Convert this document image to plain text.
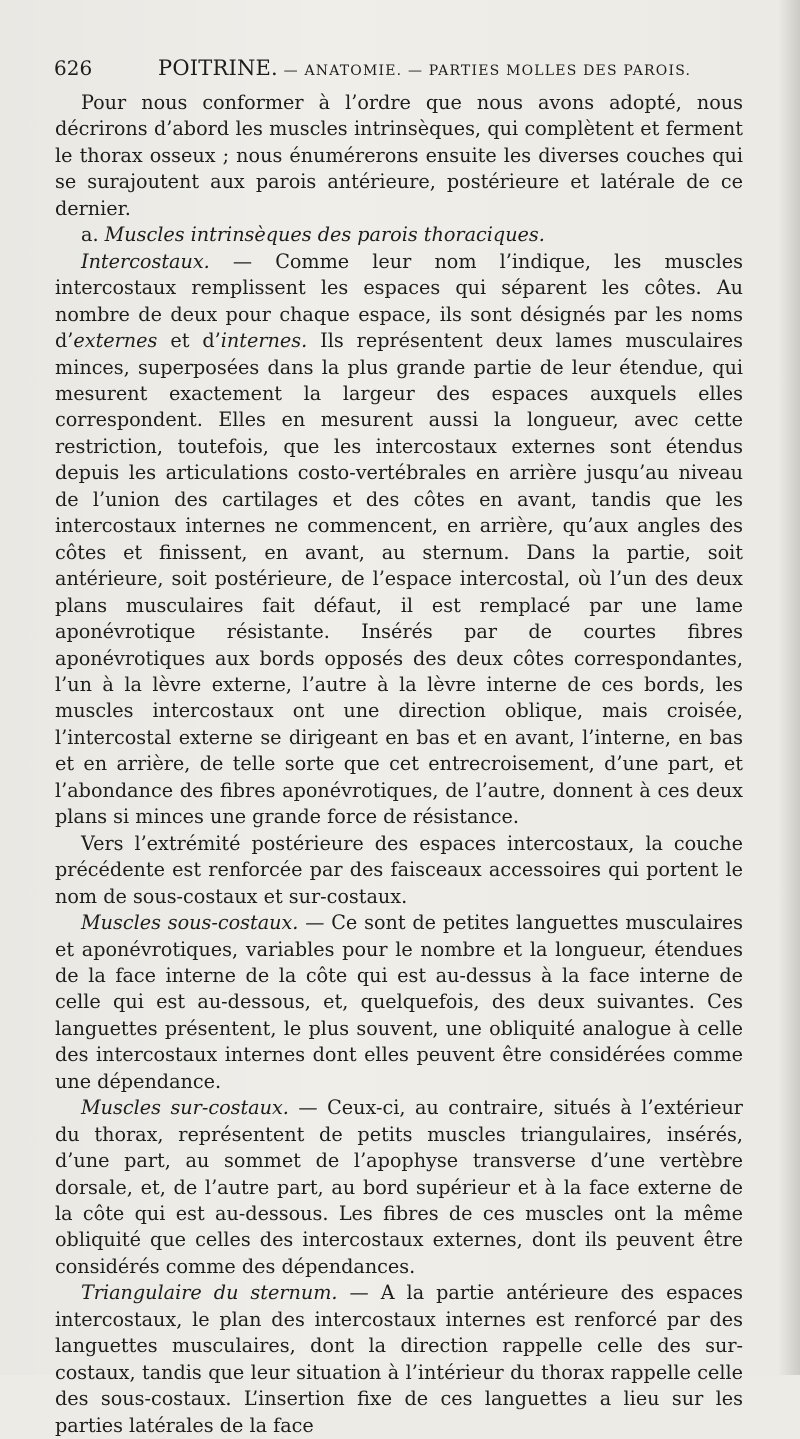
626	POITRINE. — ANATOMIE. — PARTIES MOLLES DES PAROIS.

Pour nous conformer à l’ordre que nous avons adopté, nous décrirons d’abord les muscles intrinsèques, qui complètent et ferment le thorax osseux ; nous énumérerons ensuite les diverses couches qui se surajoutent aux parois antérieure, postérieure et latérale de ce dernier.

a. Muscles intrinsèques des parois thoraciques.

Intercostaux. — Comme leur nom l’indique, les muscles intercostaux remplissent les espaces qui séparent les côtes. Au nombre de deux pour chaque espace, ils sont désignés par les noms d’externes et d’internes. Ils représentent deux lames musculaires minces, superposées dans la plus grande partie de leur étendue, qui mesurent exactement la largeur des espaces auxquels elles correspondent. Elles en mesurent aussi la longueur, avec cette restriction, toutefois, que les intercostaux externes sont étendus depuis les articulations costo-vertébrales en arrière jusqu’au niveau de l’union des cartilages et des côtes en avant, tandis que les intercostaux internes ne commencent, en arrière, qu’aux angles des côtes et finissent, en avant, au sternum. Dans la partie, soit antérieure, soit postérieure, de l’espace intercostal, où l’un des deux plans musculaires fait défaut, il est remplacé par une lame aponévrotique résistante. Insérés par de courtes fibres aponévrotiques aux bords opposés des deux côtes correspondantes, l’un à la lèvre externe, l’autre à la lèvre interne de ces bords, les muscles intercostaux ont une direction oblique, mais croisée, l’intercostal externe se dirigeant en bas et en avant, l’interne, en bas et en arrière, de telle sorte que cet entrecroisement, d’une part, et l’abondance des fibres aponévrotiques, de l’autre, donnent à ces deux plans si minces une grande force de résistance.

Vers l’extrémité postérieure des espaces intercostaux, la couche précédente est renforcée par des faisceaux accessoires qui portent le nom de sous-costaux et sur-costaux.

Muscles sous-costaux. — Ce sont de petites languettes musculaires et aponévrotiques, variables pour le nombre et la longueur, étendues de la face interne de la côte qui est au-dessus à la face interne de celle qui est au-dessous, et, quelquefois, des deux suivantes. Ces languettes présentent, le plus souvent, une obliquité analogue à celle des intercostaux internes dont elles peuvent être considérées comme une dépendance.

Muscles sur-costaux. — Ceux-ci, au contraire, situés à l’extérieur du thorax, représentent de petits muscles triangulaires, insérés, d’une part, au sommet de l’apophyse transverse d’une vertèbre dorsale, et, de l’autre part, au bord supérieur et à la face externe de la côte qui est au-dessous. Les fibres de ces muscles ont la même obliquité que celles des intercostaux externes, dont ils peuvent être considérés comme des dépendances.

Triangulaire du sternum. — A la partie antérieure des espaces intercostaux, le plan des intercostaux internes est renforcé par des languettes musculaires, dont la direction rappelle celle des sur-costaux, tandis que leur situation à l’intérieur du thorax rappelle celle des sous-costaux. L’insertion fixe de ces languettes a lieu sur les parties latérales de la face
